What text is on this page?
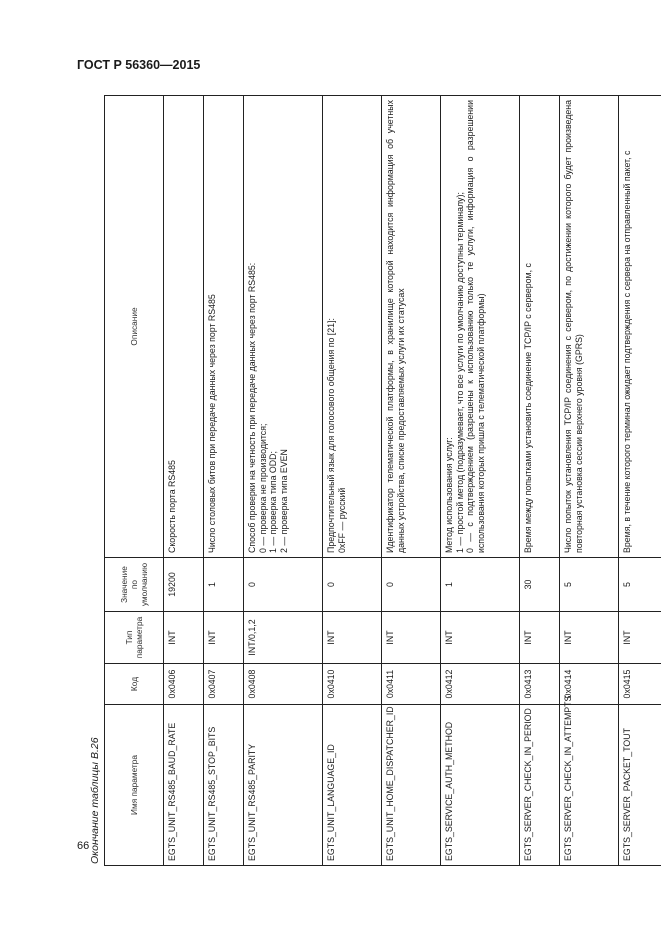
ГОСТ Р 56360—2015
Окончание таблицы В.26	Имя параметра	Код	Тип параметра	Значение по умолчанию	Описание
EGTS_UNIT_RS485_BAUD_RATE	0x0406	INT	19200	Скорость порта RS485
EGTS_UNIT_RS485_STOP_BITS	0x0407	INT	1	Число столовых битов при передаче данных через порт RS485
EGTS_UNIT_RS485_PARITY	0x0408	INT/0,1,2	0	Способ проверки на четность при передаче данных через порт RS485:
0 — проверка не производится;
1 — проверка типа ODD;
2 — проверка типа EVEN
EGTS_UNIT_LANGUAGE_ID	0x0410	INT	0	Предпочтительный язык для голосового общения по [21]:
0xFF — русский
EGTS_UNIT_HOME_DISPATCHER_ID	0x0411	INT	0	Идентификатор телематической платформы, в хранилище которой находится информация об учетных данных устройства, списке предоставляемых услуги их статусах
EGTS_SERVICE_AUTH_METHOD	0x0412	INT	1	Метод использования услуг:
1 — простой метод (подразумевает, что все услуги по умолчанию доступны терминалу);
0 — с подтверждением (разрешены к использованию только те услуги, информация о разрешении использования которых пришла с телематической платформы)
EGTS_SERVER_CHECK_IN_PERIOD	0x0413	INT	30	Время между попытками установить соединение TCP/IP с сервером, с
EGTS_SERVER_CHECK_IN_ATTEMPTS	0x0414	INT	5	Число попыток установления TCP/IP соединения с сервером, по достижении которого будет произведена повторная установка сессии верхнего уровня (GPRS)
EGTS_SERVER_PACKET_TOUT	0x0415	INT	5	Время, в течение которого терминал ожидает подтверждения с сервера на отправленный пакет, с

66
